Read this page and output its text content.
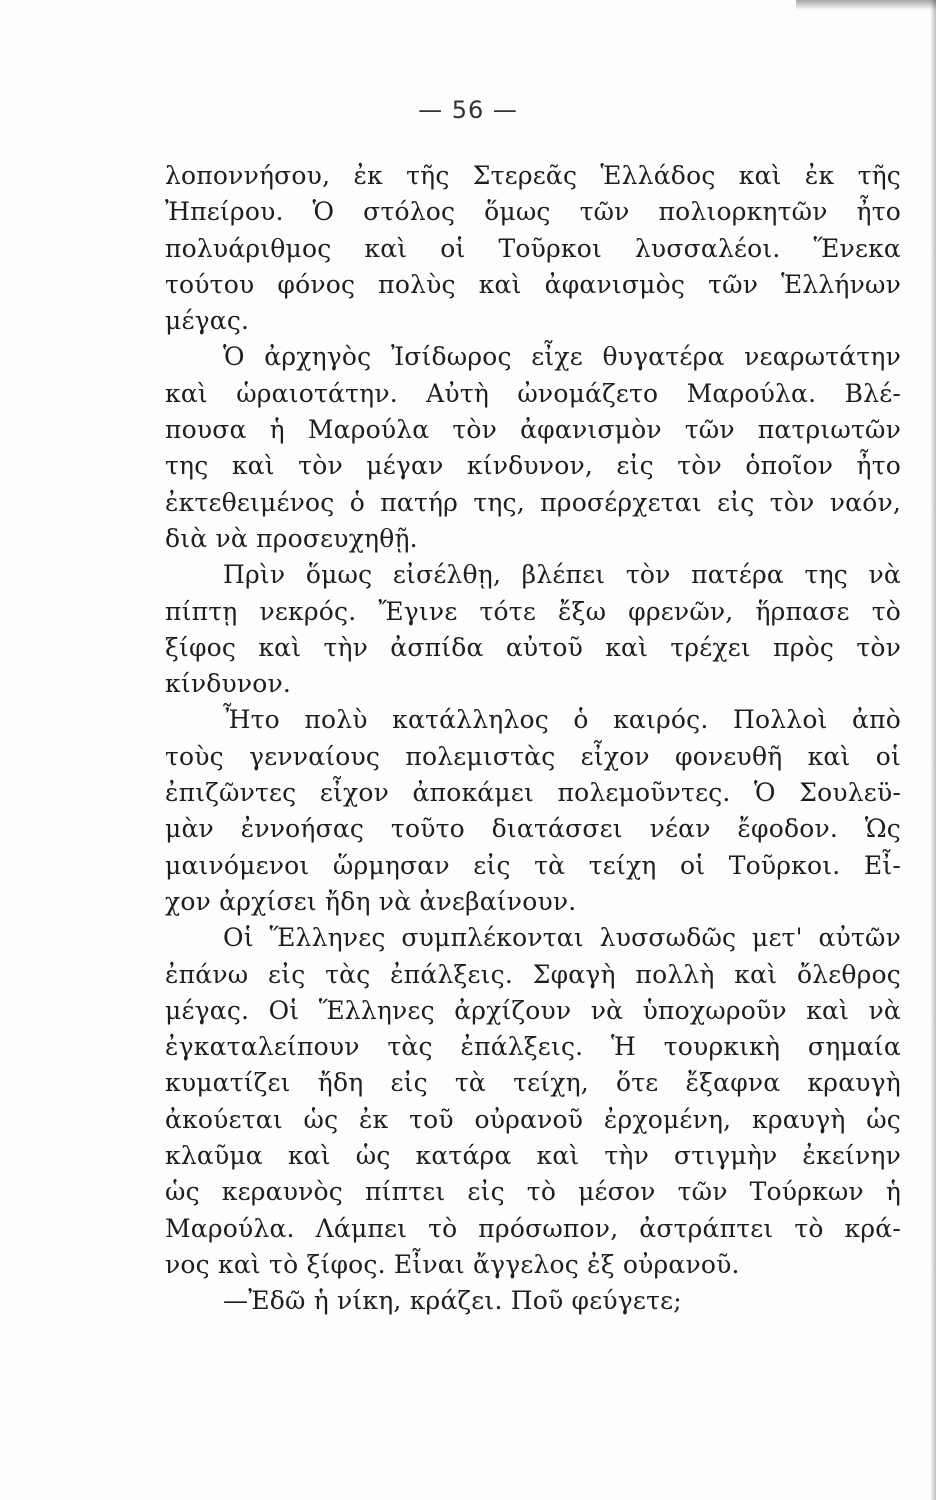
— 56 —
λοποννήσου, ἐκ τῆς Στερεᾶς Ἑλλάδος καὶ ἐκ τῆς
Ἠπείρου. Ὁ στόλος ὅμως τῶν πολιορκητῶν ἦτο
πολυάριθμος καὶ οἱ Τοῦρκοι λυσσαλέοι. Ἕνεκα
τούτου φόνος πολὺς καὶ ἀφανισμὸς τῶν Ἑλλήνων
μέγας.
Ὁ ἀρχηγὸς Ἰσίδωρος εἶχε θυγατέρα νεαρωτάτην
καὶ ὡραιοτάτην. Αὐτὴ ὠνομάζετο Μαρούλα. Βλέ-
πουσα ἡ Μαρούλα τὸν ἀφανισμὸν τῶν πατριωτῶν
της καὶ τὸν μέγαν κίνδυνον, εἰς τὸν ὁποῖον ἦτο
ἐκτεθειμένος ὁ πατήρ της, προσέρχεται εἰς τὸν ναόν,
διὰ νὰ προσευχηθῇ.
Πρὶν ὅμως εἰσέλθῃ, βλέπει τὸν πατέρα της νὰ
πίπτῃ νεκρός. Ἔγινε τότε ἔξω φρενῶν, ἥρπασε τὸ
ξίφος καὶ τὴν ἀσπίδα αὐτοῦ καὶ τρέχει πρὸς τὸν
κίνδυνον.
Ἦτο πολὺ κατάλληλος ὁ καιρός. Πολλοὶ ἀπὸ
τοὺς γενναίους πολεμιστὰς εἶχον φονευθῆ καὶ οἱ
ἐπιζῶντες εἶχον ἀποκάμει πολεμοῦντες. Ὁ Σουλεϋ-
μὰν ἐννοήσας τοῦτο διατάσσει νέαν ἔφοδον. Ὡς
μαινόμενοι ὥρμησαν εἰς τὰ τείχη οἱ Τοῦρκοι. Εἶ-
χον ἀρχίσει ἤδη νὰ ἀνεβαίνουν.
Οἱ Ἕλληνες συμπλέκονται λυσσωδῶς μετ' αὐτῶν
ἐπάνω εἰς τὰς ἐπάλξεις. Σφαγὴ πολλὴ καὶ ὄλεθρος
μέγας. Οἱ Ἕλληνες ἀρχίζουν νὰ ὑποχωροῦν καὶ νὰ
ἐγκαταλείπουν τὰς ἐπάλξεις. Ἡ τουρκικὴ σημαία
κυματίζει ἤδη εἰς τὰ τείχη, ὅτε ἔξαφνα κραυγὴ
ἀκούεται ὡς ἐκ τοῦ οὐρανοῦ ἐρχομένη, κραυγὴ ὡς
κλαῦμα καὶ ὡς κατάρα καὶ τὴν στιγμὴν ἐκείνην
ὡς κεραυνὸς πίπτει εἰς τὸ μέσον τῶν Τούρκων ἡ
Μαρούλα. Λάμπει τὸ πρόσωπον, ἀστράπτει τὸ κρά-
νος καὶ τὸ ξίφος. Εἶναι ἄγγελος ἐξ οὐρανοῦ.
—Ἐδῶ ἡ νίκη, κράζει. Ποῦ φεύγετε;
